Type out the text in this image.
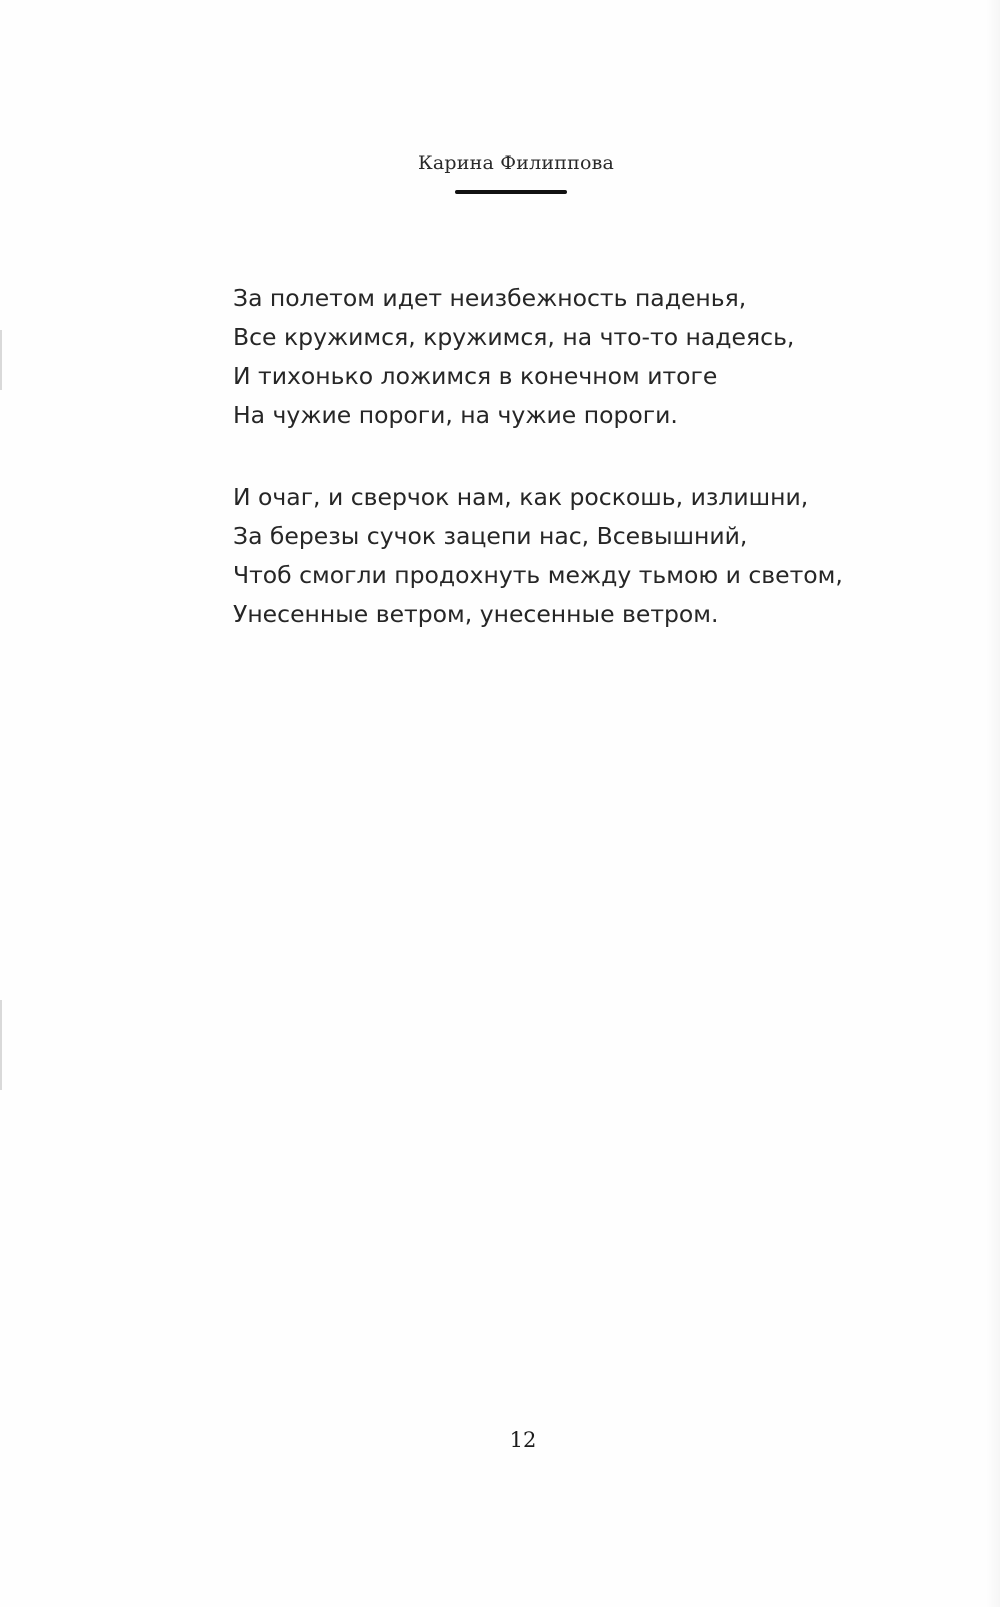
Карина Филиппова
За полетом идет неизбежность паденья,
Все кружимся, кружимся, на что-то надеясь,
И тихонько ложимся в конечном итоге
На чужие пороги, на чужие пороги.
И очаг, и сверчок нам, как роскошь, излишни,
За березы сучок зацепи нас, Всевышний,
Чтоб смогли продохнуть между тьмою и светом,
Унесенные ветром, унесенные ветром.
12
